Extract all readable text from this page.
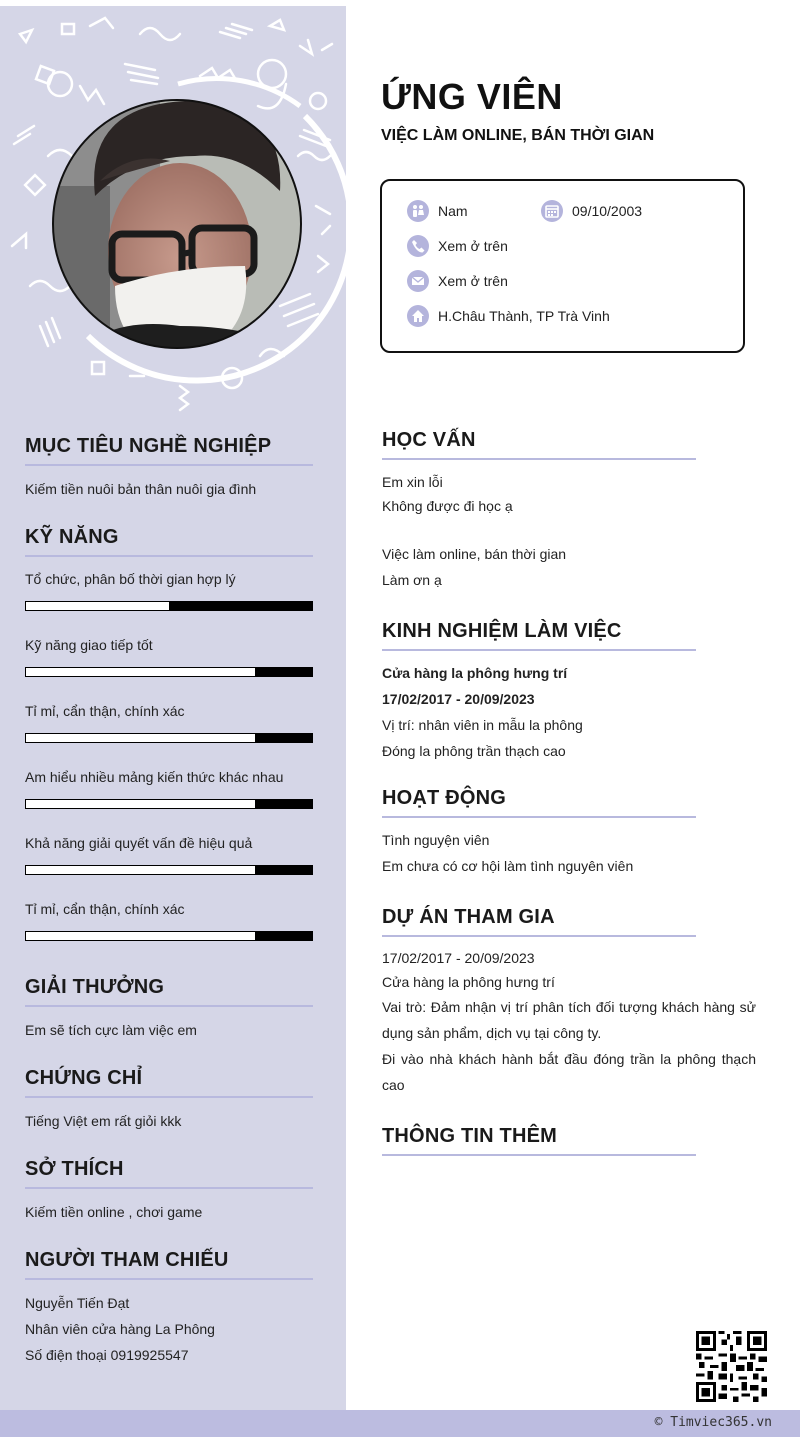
MỤC TIÊU NGHỀ NGHIỆP
Kiếm tiền nuôi bản thân nuôi gia đình
KỸ NĂNG
Tổ chức, phân bố thời gian hợp lý
Kỹ năng giao tiếp tốt
Tỉ mỉ, cẩn thận, chính xác
Am hiểu nhiều mảng kiến thức khác nhau
Khả năng giải quyết vấn đề hiệu quả
Tỉ mỉ, cẩn thận, chính xác
GIẢI THƯỞNG
Em sẽ tích cực làm việc em
CHỨNG CHỈ
Tiếng Việt em rất giỏi kkk
SỞ THÍCH
Kiếm tiền online , chơi game
NGƯỜI THAM CHIẾU
Nguyễn Tiến Đạt
Nhân viên cửa hàng La Phông
Số điện thoại 0919925547
ỨNG VIÊN
VIỆC LÀM ONLINE, BÁN THỜI GIAN
Nam	09/10/2003
Xem ở trên
Xem ở trên
H.Châu Thành, TP Trà Vinh
HỌC VẤN
Em xin lỗi
Không được đi học ạ
Việc làm online, bán thời gian
Làm ơn ạ
KINH NGHIỆM LÀM VIỆC
Cửa hàng la phông hưng trí
17/02/2017 - 20/09/2023
Vị trí: nhân viên in mẫu la phông
Đóng la phông trần thạch cao
HOẠT ĐỘNG
Tình nguyện viên
Em chưa có cơ hội làm tình nguyên viên
DỰ ÁN THAM GIA
17/02/2017 - 20/09/2023
Cửa hàng la phông hưng trí
Vai trò: Đảm nhận vị trí phân tích đối tượng khách hàng sử dụng sản phẩm, dịch vụ tại công ty.
Đi vào nhà khách hành bắt đầu đóng trần la phông thạch cao
THÔNG TIN THÊM
© Timviec365.vn
